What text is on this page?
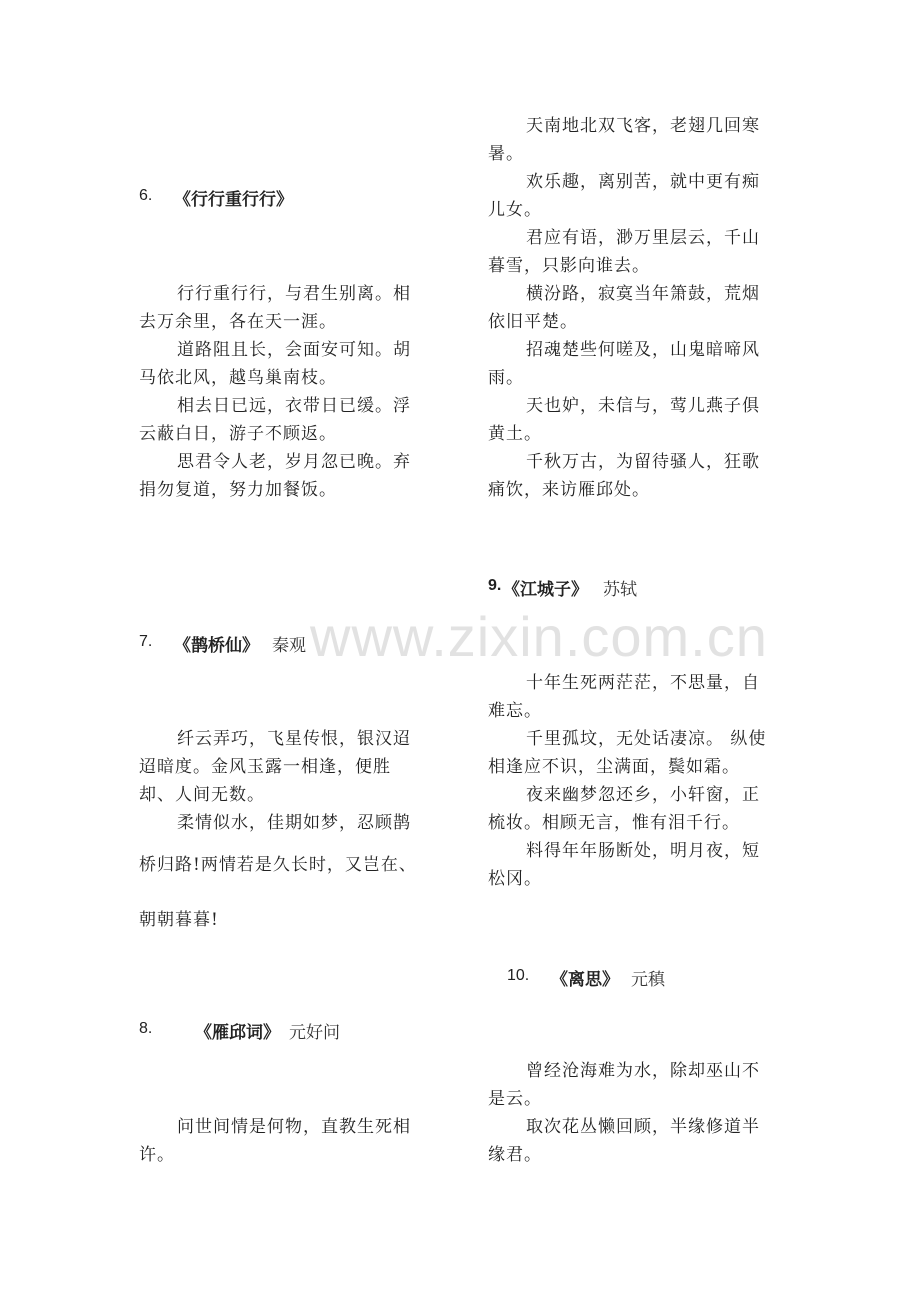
www.zixin.com.cn
6. 《行行重行行》
行行重行行，与君生别离。相
去万余里，各在天一涯。
道路阻且长，会面安可知。胡
马依北风，越鸟巢南枝。
相去日已远，衣带日已缓。浮
云蔽白日，游子不顾返。
思君令人老，岁月忽已晚。弃
捐勿复道，努力加餐饭。
7. 《鹊桥仙》 秦观
纤云弄巧，飞星传恨，银汉迢
迢暗度。金风玉露一相逢，便胜
却、人间无数。
柔情似水，佳期如梦，忍顾鹊
桥归路!两情若是久长时，又岂在、
朝朝暮暮!
8.	《雁邱词》 元好问
问世间情是何物，直教生死相
许。
天南地北双飞客，老翅几回寒
暑。
欢乐趣，离别苦，就中更有痴
儿女。
君应有语，渺万里层云，千山
暮雪，只影向谁去。
横汾路，寂寞当年箫鼓，荒烟
依旧平楚。
招魂楚些何嗟及，山鬼暗啼风
雨。
天也妒，未信与，莺儿燕子俱
黄土。
千秋万古，为留待骚人，狂歌
痛饮，来访雁邱处。
9. 《江城子》 苏轼
十年生死两茫茫，不思量，自
难忘。
千里孤坟，无处话凄凉。 纵使
相逢应不识，尘满面，鬓如霜。
夜来幽梦忽还乡，小轩窗，正
梳妆。相顾无言，惟有泪千行。
料得年年肠断处，明月夜，短
松冈。
10. 《离思》 元稹
曾经沧海难为水，除却巫山不
是云。
取次花丛懒回顾，半缘修道半
缘君。
